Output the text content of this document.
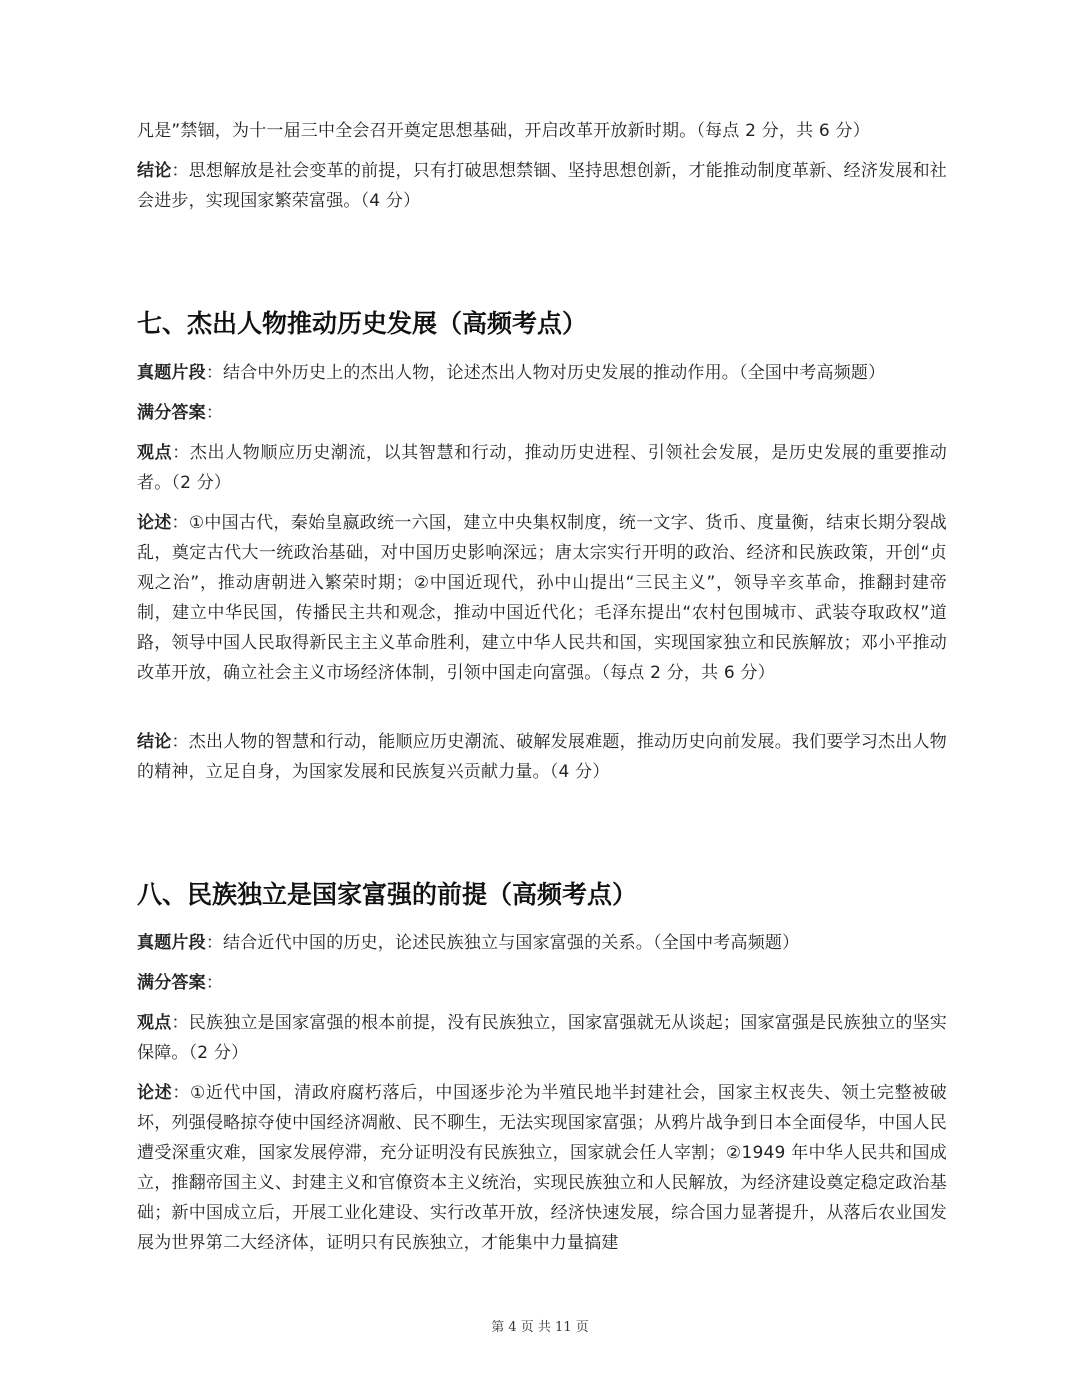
凡是”禁锢，为十一届三中全会召开奠定思想基础，开启改革开放新时期。（每点 2 分，共 6 分）

结论：思想解放是社会变革的前提，只有打破思想禁锢、坚持思想创新，才能推动制度革新、经济发展和社会进步，实现国家繁荣富强。（4 分）

七、杰出人物推动历史发展（高频考点）

真题片段：结合中外历史上的杰出人物，论述杰出人物对历史发展的推动作用。（全国中考高频题）

满分答案：

观点：杰出人物顺应历史潮流，以其智慧和行动，推动历史进程、引领社会发展，是历史发展的重要推动者。（2 分）

论述：①中国古代，秦始皇嬴政统一六国，建立中央集权制度，统一文字、货币、度量衡，结束长期分裂战乱，奠定古代大一统政治基础，对中国历史影响深远；唐太宗实行开明的政治、经济和民族政策，开创“贞观之治”，推动唐朝进入繁荣时期；②中国近现代，孙中山提出“三民主义”，领导辛亥革命，推翻封建帝制，建立中华民国，传播民主共和观念，推动中国近代化；毛泽东提出“农村包围城市、武装夺取政权”道路，领导中国人民取得新民主主义革命胜利，建立中华人民共和国，实现国家独立和民族解放；邓小平推动改革开放，确立社会主义市场经济体制，引领中国走向富强。（每点 2 分，共 6 分）

结论：杰出人物的智慧和行动，能顺应历史潮流、破解发展难题，推动历史向前发展。我们要学习杰出人物的精神，立足自身，为国家发展和民族复兴贡献力量。（4 分）

八、民族独立是国家富强的前提（高频考点）

真题片段：结合近代中国的历史，论述民族独立与国家富强的关系。（全国中考高频题）

满分答案：

观点：民族独立是国家富强的根本前提，没有民族独立，国家富强就无从谈起；国家富强是民族独立的坚实保障。（2 分）

论述：①近代中国，清政府腐朽落后，中国逐步沦为半殖民地半封建社会，国家主权丧失、领土完整被破坏，列强侵略掠夺使中国经济凋敝、民不聊生，无法实现国家富强；从鸦片战争到日本全面侵华，中国人民遭受深重灾难，国家发展停滞，充分证明没有民族独立，国家就会任人宰割；②1949 年中华人民共和国成立，推翻帝国主义、封建主义和官僚资本主义统治，实现民族独立和人民解放，为经济建设奠定稳定政治基础；新中国成立后，开展工业化建设、实行改革开放，经济快速发展，综合国力显著提升，从落后农业国发展为世界第二大经济体，证明只有民族独立，才能集中力量搞建

第 4 页 共 11 页
